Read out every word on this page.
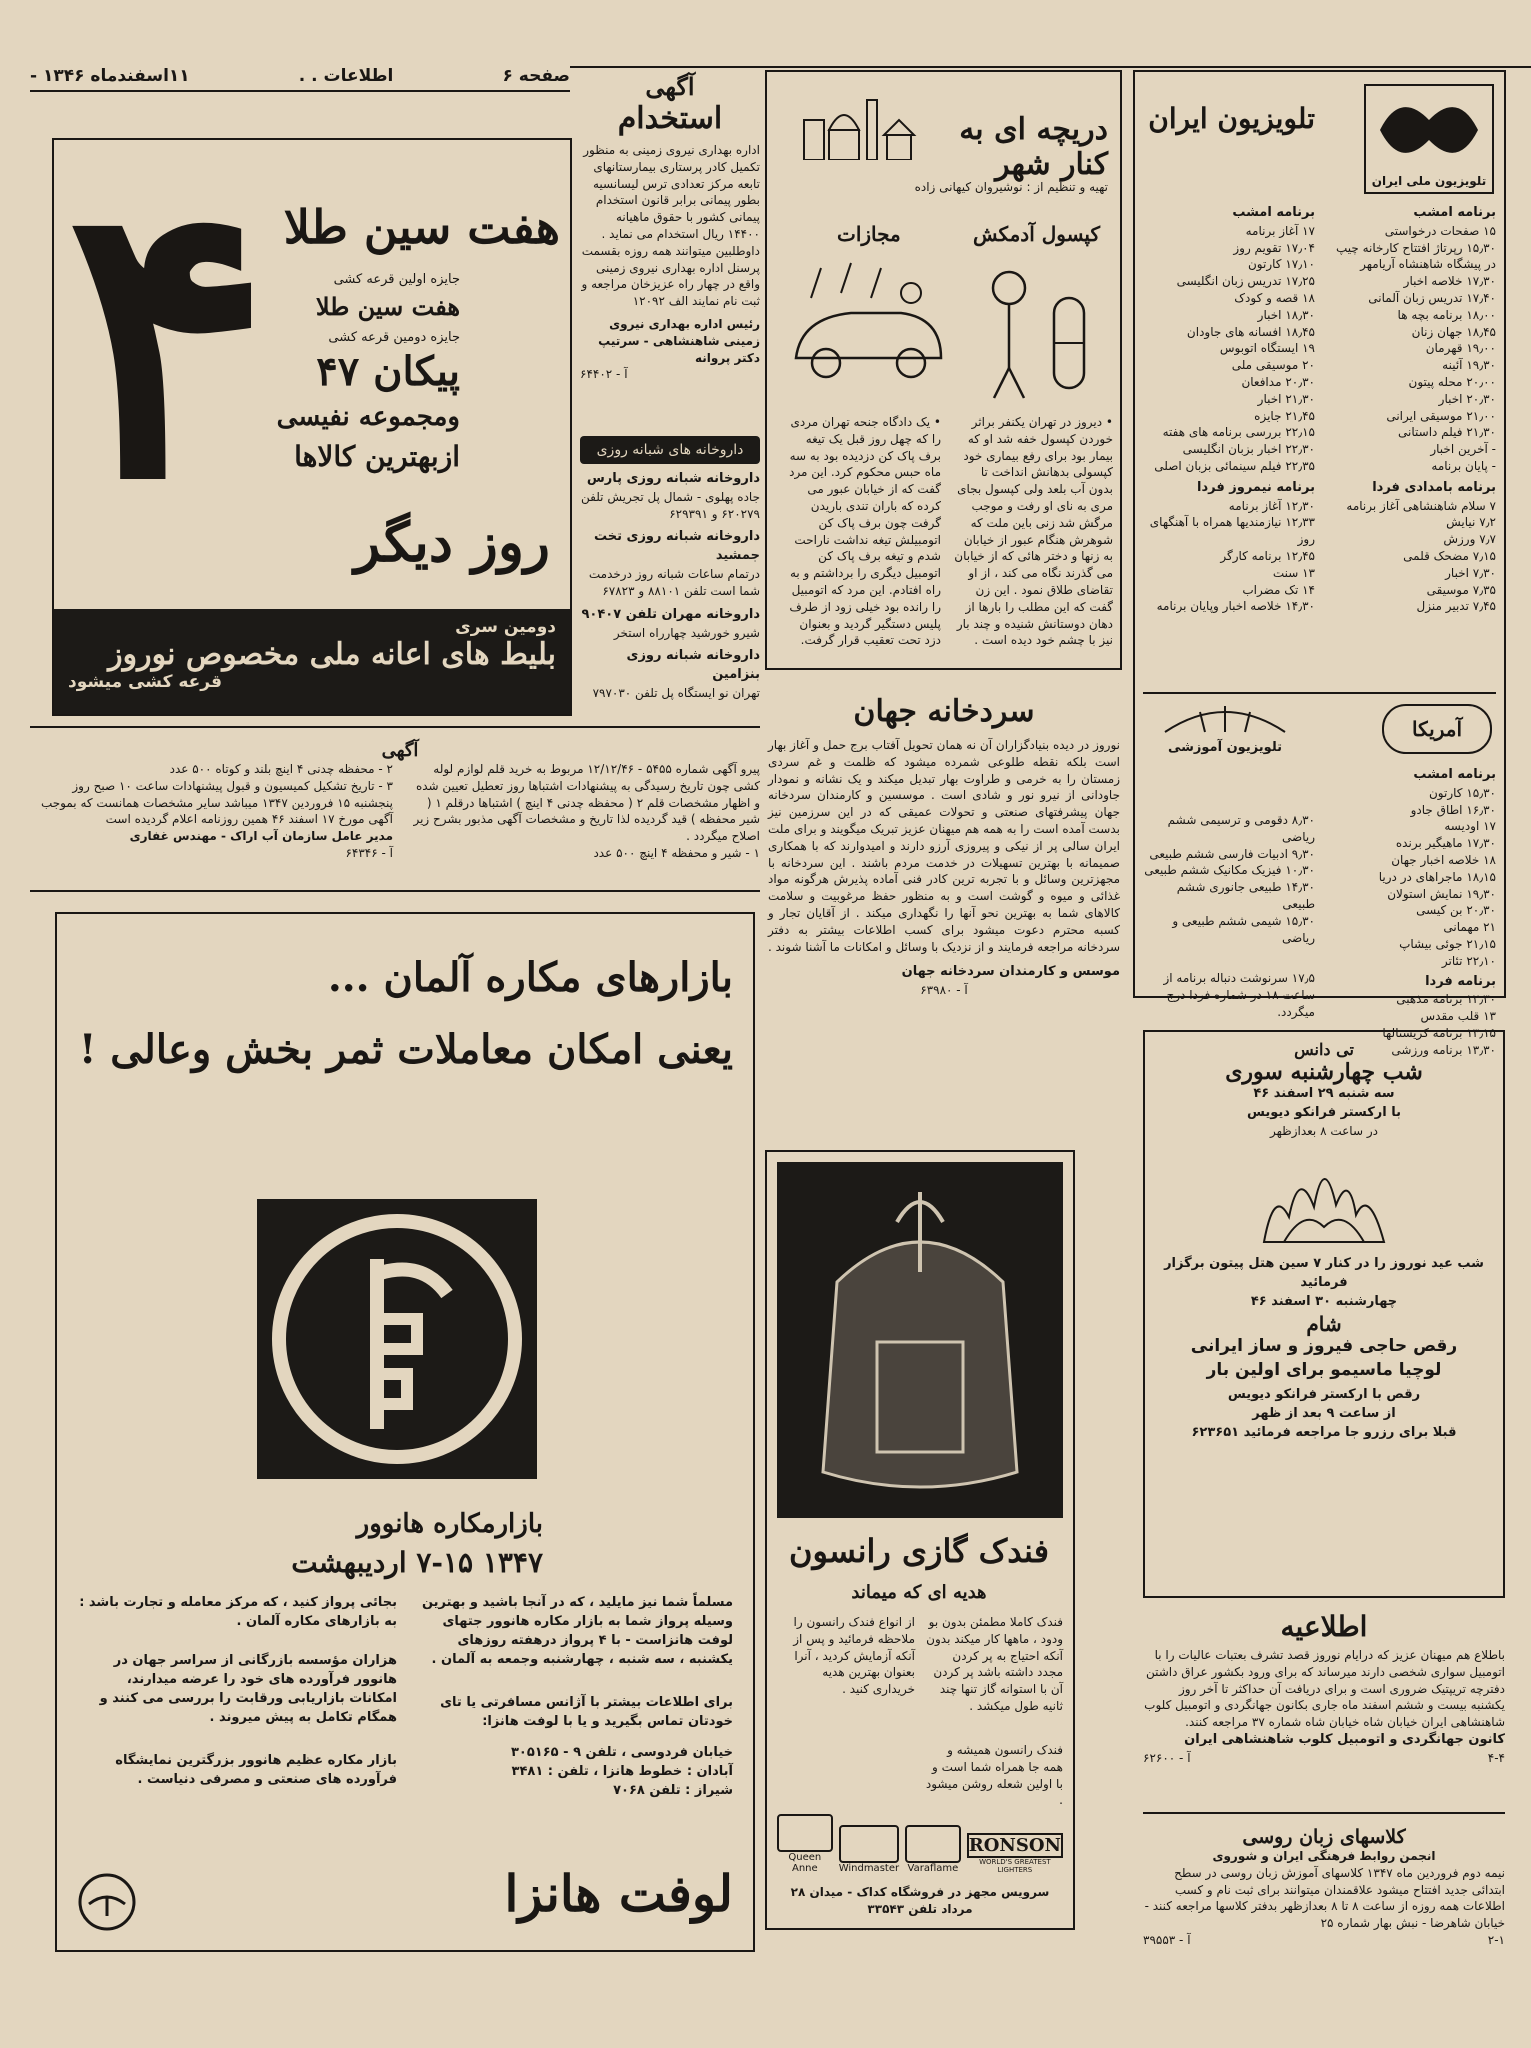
صفحه ۶
اطلاعات . .
۱۱اسفندماه ۱۳۴۶ -
۴ هفت سین طلا
جایزه اولین قرعه کشی
هفت سین طلا
جایزه دومین قرعه کشی
پیکان ۴۷
ومجموعه نفیسی
ازبهترین کالاها
روز دیگر
دومین سری
بلیط های اعانه ملی مخصوص نوروز
قرعه کشی میشود
آگهی
استخدام
اداره بهداری نیروی زمینی به منظور تکمیل کادر پرستاری بیمارستانهای تابعه مرکز تعدادی ترس لیسانسیه بطور پیمانی برابر قانون استخدام پیمانی کشور با حقوق ماهیانه ۱۴۴۰۰ ریال استخدام می نماید . داوطلبین میتوانند همه روزه بقسمت پرسنل اداره بهداری نیروی زمینی واقع در چهار راه عزیزخان مراجعه و ثبت نام نمایند الف ۱۲۰۹۲
رئیس اداره بهداری نیروی زمینی شاهنشاهی - سرتیپ دکتر پروانه
آ - ۶۴۴۰۲
داروخانه های شبانه روزی
داروخانه شبانه روزی پارس
جاده پهلوی - شمال پل تجریش تلفن ۶۲۰۲۷۹ و ۶۲۹۳۹۱
داروخانه شبانه روزی تخت جمشید
درتمام ساعات شبانه روز درخدمت شما است تلفن ۸۸۱۰۱ و ۶۷۸۲۳
داروخانه مهران تلفن ۹۰۴۰۷
شیرو خورشید چهارراه استخر
داروخانه شبانه روزی بنزامین
تهران نو ایستگاه پل تلفن ۷۹۷۰۳۰
دریچه ای به کنار شهر
تهیه و تنظیم از : نوشیروان کیهانی زاده
کپسول آدمکش
مجازات
• یک دادگاه جنحه تهران مردی را که چهل روز قبل یک تیغه برف پاک کن دزدیده بود به سه ماه حبس محکوم کرد. این مرد گفت که از خیابان عبور می کرده که باران تندی باریدن گرفت چون برف پاک کن اتومبیلش تیغه نداشت ناراحت شدم و تیغه برف پاک کن اتومبیل دیگری را برداشتم و به راه افتادم. این مرد که اتومبیل را رانده بود خیلی زود از طرف پلیس دستگیر گردید و بعنوان دزد تحت تعقیب قرار گرفت.
• دیروز در تهران یکنفر براثر خوردن کپسول خفه شد او که بیمار بود برای رفع بیماری خود کپسولی بدهانش انداخت تا بدون آب بلعد ولی کپسول بجای مری به نای او رفت و موجب مرگش شد زنی باین ملت که شوهرش هنگام عبور از خیابان به زنها و دختر هائی که از خیابان می گذرند نگاه می کند ، از او تقاضای طلاق نمود . این زن گفت که این مطلب را بارها از دهان دوستانش شنیده و چند بار نیز با چشم خود دیده است .
تلویزیون ملی ایران
تلویزیون ایران
برنامه امشب
۱۵ صفحات درخواستی
۱۵٫۳۰ رپرتاژ افتتاح کارخانه چیپ در پیشگاه شاهنشاه آریامهر
۱۷٫۳۰ خلاصه اخبار
۱۷٫۴۰ تدریس زبان آلمانی
۱۸٫۰۰ برنامه بچه ها
۱۸٫۴۵ جهان زنان
۱۹٫۰۰ قهرمان
۱۹٫۳۰ آئینه
۲۰٫۰۰ محله پیتون
۲۰٫۳۰ اخبار
۲۱٫۰۰ موسیقی ایرانی
۲۱٫۳۰ فیلم داستانی
- آخرین اخبار
- پایان برنامه
برنامه بامدادی فردا
۷ سلام شاهنشاهی آغاز برنامه
۷٫۲ نیایش
۷٫۷ ورزش
۷٫۱۵ مضحک قلمی
۷٫۳۰ اخبار
۷٫۳۵ موسیقی
۷٫۴۵ تدبیر منزل
برنامه امشب
۱۷ آغاز برنامه
۱۷٫۰۴ تقویم روز
۱۷٫۱۰ کارتون
۱۷٫۲۵ تدریس زبان انگلیسی
۱۸ قصه و کودک
۱۸٫۳۰ اخبار
۱۸٫۴۵ افسانه های جاودان
۱۹ ایستگاه اتوبوس
۲۰ موسیقی ملی
۲۰٫۳۰ مدافعان
۲۱٫۳۰ اخبار
۲۱٫۴۵ جایزه
۲۲٫۱۵ بررسی برنامه های هفته
۲۲٫۳۰ اخبار بزبان انگلیسی
۲۲٫۳۵ فیلم سینمائی بزبان اصلی
برنامه نیمروز فردا
۱۲٫۳۰ آغاز برنامه
۱۲٫۳۳ نیازمندیها همراه با آهنگهای روز
۱۲٫۴۵ برنامه کارگر
۱۳ سنت
۱۴ تک مضراب
۱۴٫۳۰ خلاصه اخبار وپایان برنامه
آمریکا
تلویزیون آموزشی
برنامه امشب
۱۵٫۳۰ کارتون
۱۶٫۳۰ اطاق جادو
۱۷ اودیسه
۱۷٫۳۰ ماهیگیر برنده
۱۸ خلاصه اخبار جهان
۱۸٫۱۵ ماجراهای در دریا
۱۹٫۳۰ نمایش استولان
۲۰٫۳۰ بن کیسی
۲۱ مهمانی
۲۱٫۱۵ جوئی بیشاپ
۲۲٫۱۰ تئاتر
برنامه فردا
۱۲٫۳۰ برنامه مذهبی
۱۳ قلب مقدس
۱۳٫۱۵ برنامه کریستالها
۱۳٫۳۰ برنامه ورزشی
۸٫۳۰ دقومی و ترسیمی ششم ریاضی
۹٫۳۰ ادبیات فارسی ششم طبیعی
۱۰٫۳۰ فیزیک مکانیک ششم طبیعی
۱۴٫۳۰ طبیعی جانوری ششم طبیعی
۱۵٫۳۰ شیمی ششم طبیعی و ریاضی
۱۷٫۵ سرنوشت دنباله برنامه از ساعت ۱۸ در شماره فردا درج میگردد.
سردخانه جهان
نوروز در دیده بنیادگزاران آن نه همان تحویل آفتاب برج حمل و آغاز بهار است بلکه نقطه طلوعی شمرده میشود که ظلمت و غم سردی زمستان را به خرمی و طراوت بهار تبدیل میکند و یک نشانه و نمودار جاودانی از نیرو نور و شادی است . موسسین و کارمندان سردخانه جهان پیشرفتهای صنعتی و تحولات عمیقی که در این سرزمین نیز بدست آمده است را به همه هم میهنان عزیز تبریک میگویند و برای ملت ایران سالی پر از نیکی و پیروزی آرزو دارند و امیدوارند که با همکاری صمیمانه با بهترین تسهیلات در خدمت مردم باشند . این سردخانه با مجهزترین وسائل و با تجربه ترین کادر فنی آماده پذیرش هرگونه مواد غذائی و میوه و گوشت است و به منظور حفظ مرغوبیت و سلامت کالاهای شما به بهترین نحو آنها را نگهداری میکند . از آقایان تجار و کسبه محترم دعوت میشود برای کسب اطلاعات بیشتر به دفتر سردخانه مراجعه فرمایند و از نزدیک با وسائل و امکانات ما آشنا شوند .
موسس و کارمندان سردخانه جهان
آ - ۶۳۹۸۰
آگهی
پیرو آگهی شماره ۵۴۵۵ - ۱۲/۱۲/۴۶ مربوط به خرید قلم لوازم لوله کشی چون تاریخ رسیدگی به پیشنهادات اشتباها روز تعطیل تعیین شده و اظهار مشخصات قلم ۲ ( محفظه چدنی ۴ اینچ ) اشتباها درقلم ۱ ( شیر محفظه ) قید گردیده لذا تاریخ و مشخصات آگهی مذبور بشرح زیر اصلاح میگردد .
۱ - شیر و محفظه ۴ اینچ ۵۰۰ عدد
۲ - محفظه چدنی ۴ اینچ بلند و کوتاه ۵۰۰ عدد
۳ - تاریخ تشکیل کمیسیون و قبول پیشنهادات ساعت ۱۰ صبح روز پنجشنبه ۱۵ فروردین ۱۳۴۷ میباشد سایر مشخصات همانست که بموجب آگهی مورخ ۱۷ اسفند ۴۶ همین روزنامه اعلام گردیده است
مدیر عامل سازمان آب اراک - مهندس غفاری
آ - ۶۴۳۴۶
بازارهای مکاره آلمان ...
یعنی امکان معاملات ثمر بخش وعالی !
بازارمکاره هانوور
۱۳۴۷ ۷-۱۵ اردیبهشت
مسلماً شما نیز مایلید ، که در آنجا باشید و بهترین وسیله پرواز شما به بازار مکاره هانوور جتهای لوفت هانزاست - با ۴ پرواز درهفته روزهای یکشنبه ، سه شنبه ، چهارشنبه وجمعه به آلمان .
برای اطلاعات بیشتر با آژانس مسافرتی یا تای خودتان تماس بگیرید و یا با لوفت هانزا:
خیابان فردوسی ، تلفن ۹ - ۳۰۵۱۶۵
آبادان : خطوط هانزا ، تلفن : ۳۴۸۱
شیراز : تلفن ۷۰۶۸
بجائی پرواز کنید ، که مرکز معامله و تجارت باشد : به بازارهای مکاره آلمان .
هزاران مؤسسه بازرگانی از سراسر جهان در هانوور فرآورده های خود را عرضه میدارند، امکانات بازاریابی ورقابت را بررسی می کنند و همگام تکامل به پیش میروند .
بازار مکاره عظیم هانوور بزرگترین نمایشگاه فرآورده های صنعتی و مصرفی دنیاست .
لوفت هانزا
فندک گازی رانسون
هدیه ای که میماند
فندک کاملا مطمئن بدون بو ودود ، ماهها کار میکند بدون آنکه احتیاج به پر کردن مجدد داشته باشد پر کردن آن با استوانه گاز تنها چند ثانیه طول میکشد .
فندک رانسون همیشه و همه جا همراه شما است و با اولین شعله روشن میشود .
از انواع فندک رانسون را ملاحظه فرمائید و پس از آنکه آزمایش کردید ، آنرا بعنوان بهترین هدیه خریداری کنید .
Queen Anne	Windmaster Varaflame
RONSON
WORLD'S GREATEST LIGHTERS
سرویس مجهز در فروشگاه کداک - میدان ۲۸ مرداد تلفن ۳۳۵۴۳
تی دانس
شب چهارشنبه سوری
سه شنبه ۲۹ اسفند ۴۶
با ارکستر فرانکو دیویس
در ساعت ۸ بعدازظهر
شب عید نوروز را در کنار ۷ سین هتل پیتون برگزار فرمائید
چهارشنبه ۳۰ اسفند ۴۶
شام
رقص حاجی فیروز و ساز ایرانی
لوچیا ماسیمو برای اولین بار
رقص با ارکستر فرانکو دیویس
از ساعت ۹ بعد از ظهر
قبلا برای رزرو جا مراجعه فرمائید ۶۲۳۶۵۱
اطلاعیه
باطلاع هم میهنان عزیز که درایام نوروز قصد تشرف بعتبات عالیات را با اتومبیل سواری شخصی دارند میرساند که برای ورود بکشور عراق داشتن دفترچه تریپتیک ضروری است و برای دریافت آن حداکثر تا آخر روز یکشنبه بیست و ششم اسفند ماه جاری بکانون جهانگردی و اتومبیل کلوب شاهنشاهی ایران خیابان شاه خیابان شاه شماره ۳۷ مراجعه کنند.
کانون جهانگردی و اتومبیل کلوب شاهنشاهی ایران
۴-۴
آ - ۶۲۶۰۰
کلاسهای زبان روسی
انجمن روابط فرهنگی ایران و شوروی
نیمه دوم فروردین ماه ۱۳۴۷ کلاسهای آموزش زبان روسی در سطح ابتدائی جدید افتتاح میشود علاقمندان میتوانند برای ثبت نام و کسب اطلاعات همه روزه از ساعت ۸ تا ۸ بعدازظهر بدفتر کلاسها مراجعه کنند - خیابان شاهرضا - نبش بهار شماره ۲۵
۲-۱
آ - ۳۹۵۵۳
